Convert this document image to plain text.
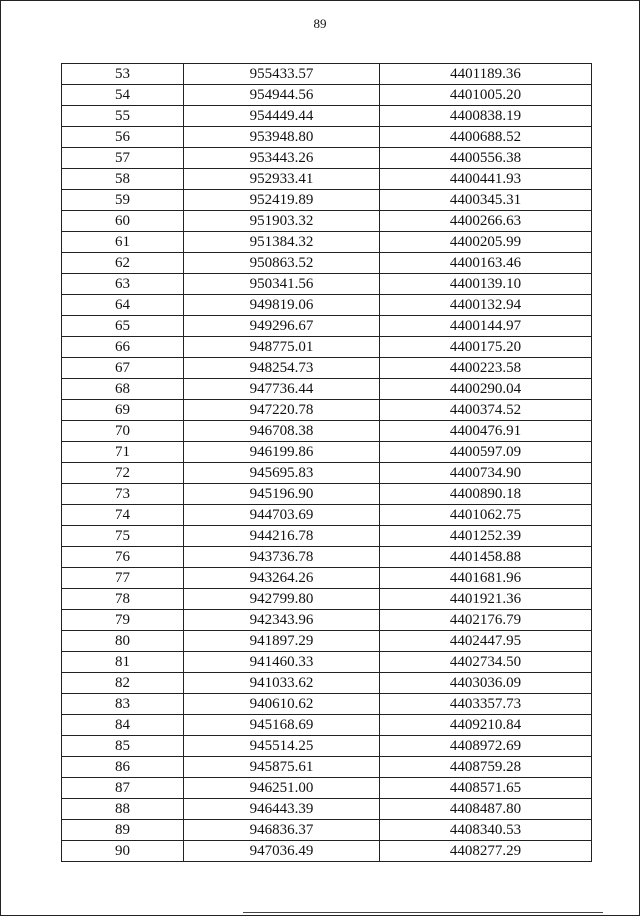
89
53	955433.57	4401189.36
54	954944.56	4401005.20
55	954449.44	4400838.19
56	953948.80	4400688.52
57	953443.26	4400556.38
58	952933.41	4400441.93
59	952419.89	4400345.31
60	951903.32	4400266.63
61	951384.32	4400205.99
62	950863.52	4400163.46
63	950341.56	4400139.10
64	949819.06	4400132.94
65	949296.67	4400144.97
66	948775.01	4400175.20
67	948254.73	4400223.58
68	947736.44	4400290.04
69	947220.78	4400374.52
70	946708.38	4400476.91
71	946199.86	4400597.09
72	945695.83	4400734.90
73	945196.90	4400890.18
74	944703.69	4401062.75
75	944216.78	4401252.39
76	943736.78	4401458.88
77	943264.26	4401681.96
78	942799.80	4401921.36
79	942343.96	4402176.79
80	941897.29	4402447.95
81	941460.33	4402734.50
82	941033.62	4403036.09
83	940610.62	4403357.73
84	945168.69	4409210.84
85	945514.25	4408972.69
86	945875.61	4408759.28
87	946251.00	4408571.65
88	946443.39	4408487.80
89	946836.37	4408340.53
90	947036.49	4408277.29
